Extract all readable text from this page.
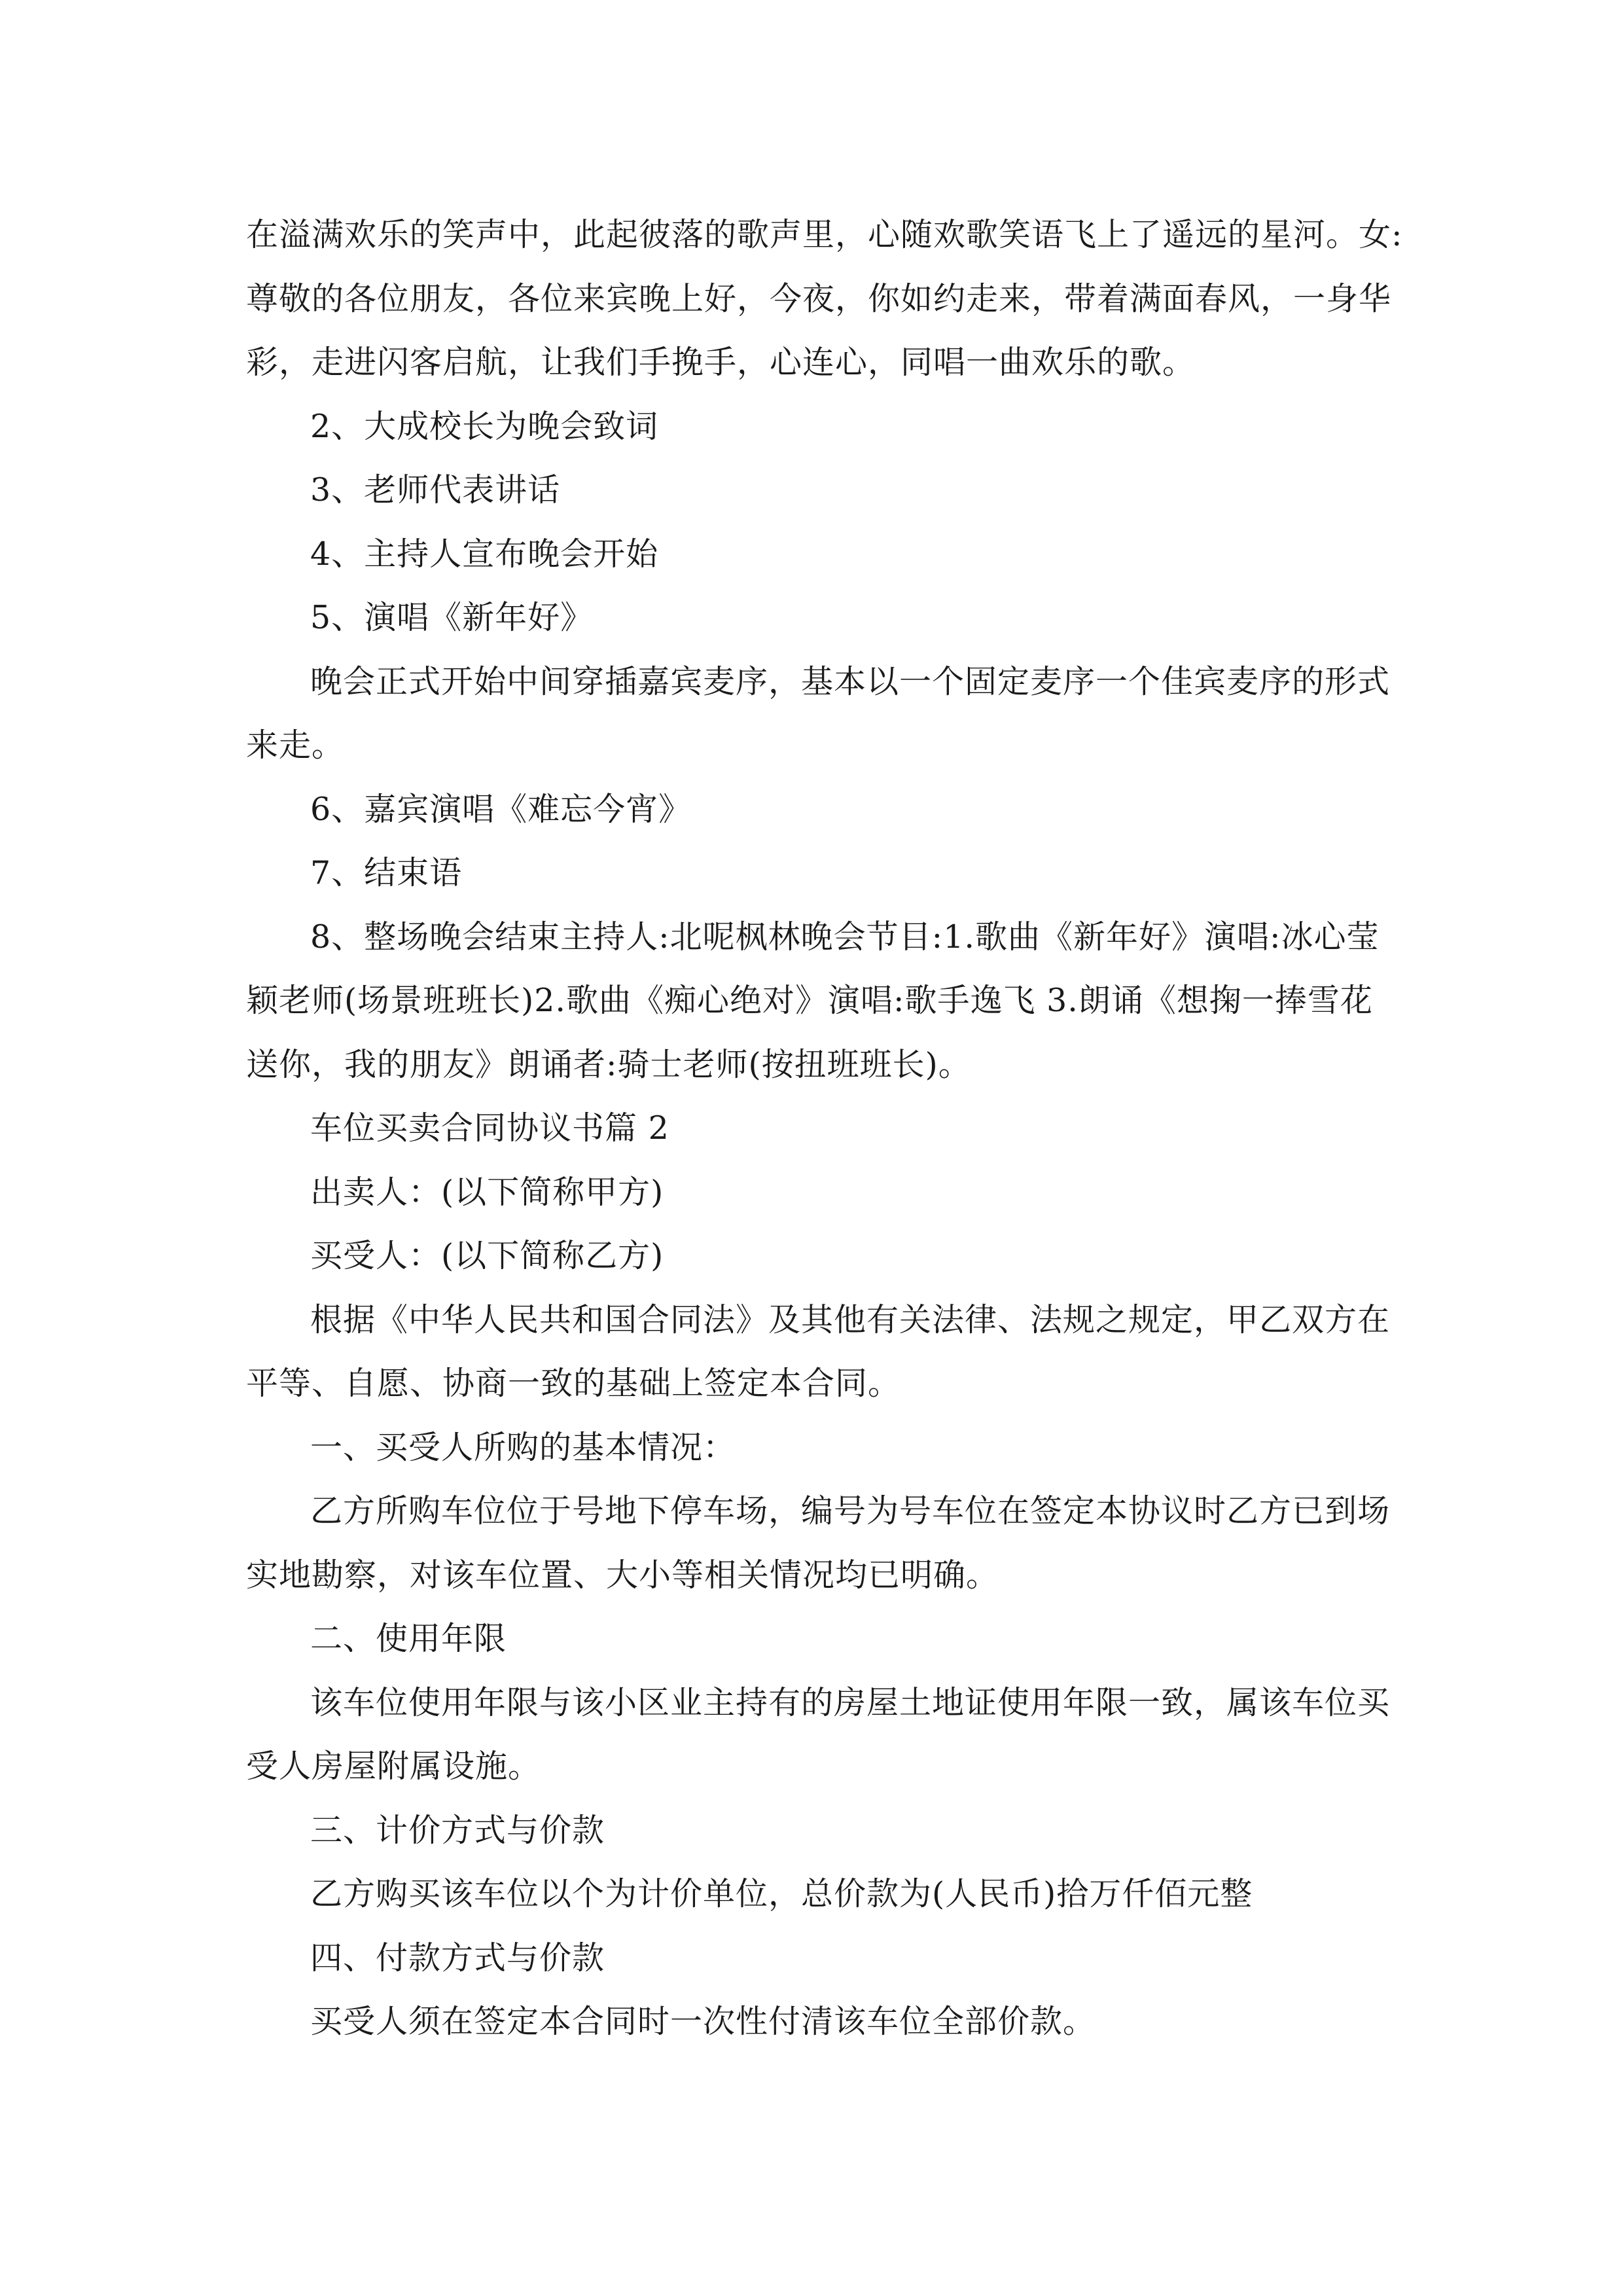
在溢满欢乐的笑声中，此起彼落的歌声里，心随欢歌笑语飞上了遥远的星河。女:
尊敬的各位朋友，各位来宾晚上好，今夜，你如约走来，带着满面春风，一身华
彩，走进闪客启航，让我们手挽手，心连心，同唱一曲欢乐的歌。
2、大成校长为晚会致词
3、老师代表讲话
4、主持人宣布晚会开始
5、演唱《新年好》
晚会正式开始中间穿插嘉宾麦序，基本以一个固定麦序一个佳宾麦序的形式
来走。
6、嘉宾演唱《难忘今宵》
7、结束语
8、整场晚会结束主持人:北呢枫林晚会节目:1.歌曲《新年好》演唱:冰心莹
颖老师(场景班班长)2.歌曲《痴心绝对》演唱:歌手逸飞 3.朗诵《想掬一捧雪花
送你，我的朋友》朗诵者:骑士老师(按扭班班长)。
车位买卖合同协议书篇 2
出卖人：(以下简称甲方)
买受人：(以下简称乙方)
根据《中华人民共和国合同法》及其他有关法律、法规之规定，甲乙双方在
平等、自愿、协商一致的基础上签定本合同。
一、买受人所购的基本情况：
乙方所购车位位于号地下停车场，编号为号车位在签定本协议时乙方已到场
实地勘察，对该车位置、大小等相关情况均已明确。
二、使用年限
该车位使用年限与该小区业主持有的房屋土地证使用年限一致，属该车位买
受人房屋附属设施。
三、计价方式与价款
乙方购买该车位以个为计价单位，总价款为(人民币)拾万仟佰元整
四、付款方式与价款
买受人须在签定本合同时一次性付清该车位全部价款。
